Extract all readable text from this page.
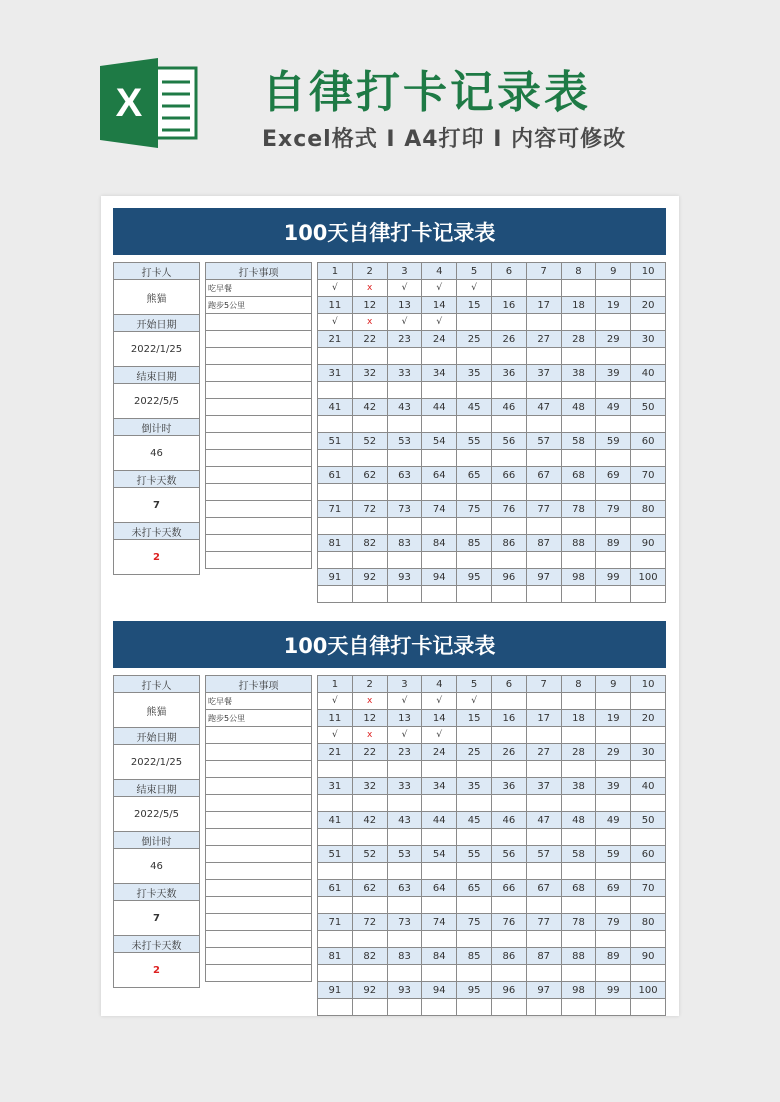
X	自律打卡记录表
Excel格式 I A4打印 I 内容可修改
100天自律打卡记录表
打卡人
熊猫
开始日期
2022/1/25
结束日期
2022/5/5
倒计时
46
打卡天数
7
未打卡天数
2
打卡事项
吃早餐
跑步5公里

1	2	3	4	5	6	7	8	9	10
√	x	√	√	√					
11	12	13	14	15	16	17	18	19	20
√	x	√	√						
21	22	23	24	25	26	27	28	29	30

31	32	33	34	35	36	37	38	39	40

41	42	43	44	45	46	47	48	49	50

51	52	53	54	55	56	57	58	59	60

61	62	63	64	65	66	67	68	69	70

71	72	73	74	75	76	77	78	79	80

81	82	83	84	85	86	87	88	89	90

91	92	93	94	95	96	97	98	99	100

100天自律打卡记录表
打卡人
熊猫
开始日期
2022/1/25
结束日期
2022/5/5
倒计时
46
打卡天数
7
未打卡天数
2
打卡事项
吃早餐
跑步5公里

1	2	3	4	5	6	7	8	9	10
√	x	√	√	√					
11	12	13	14	15	16	17	18	19	20
√	x	√	√						
21	22	23	24	25	26	27	28	29	30

31	32	33	34	35	36	37	38	39	40

41	42	43	44	45	46	47	48	49	50

51	52	53	54	55	56	57	58	59	60

61	62	63	64	65	66	67	68	69	70

71	72	73	74	75	76	77	78	79	80

81	82	83	84	85	86	87	88	89	90

91	92	93	94	95	96	97	98	99	100
